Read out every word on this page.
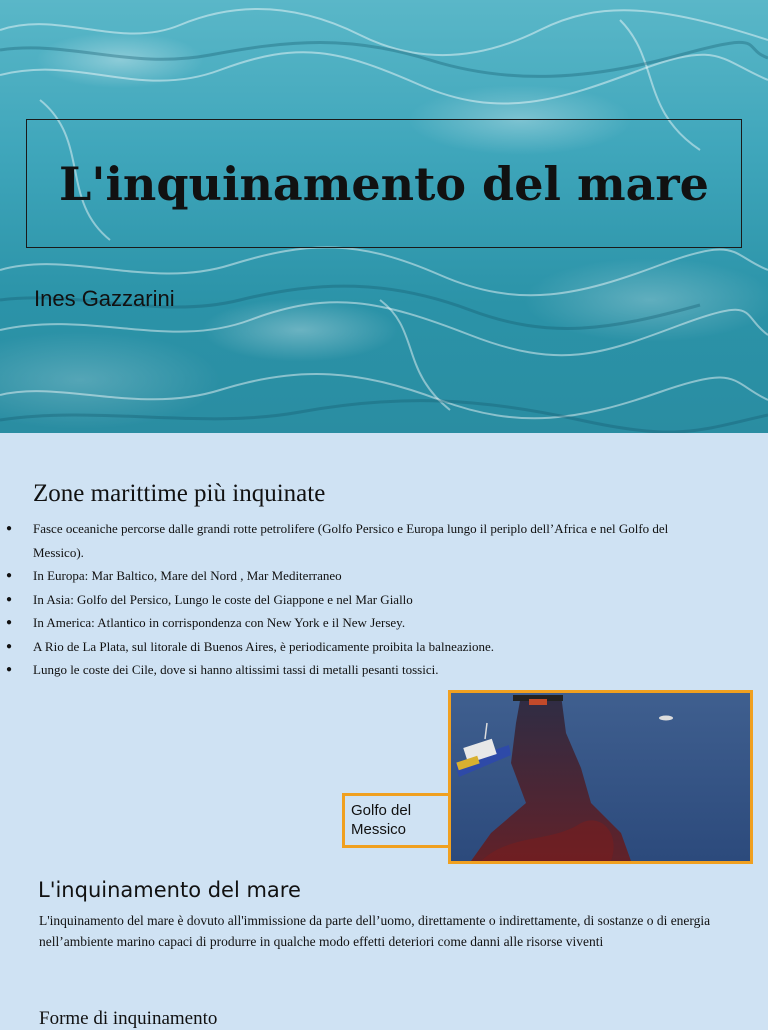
L'inquinamento del mare
Ines Gazzarini
Zone marittime più inquinate
● Fasce oceaniche percorse dalle grandi rotte petrolifere (Golfo Persico e Europa lungo il periplo dell’Africa e nel Golfo del Messico).
● In Europa: Mar Baltico, Mare del Nord , Mar Mediterraneo
● In Asia: Golfo del Persico, Lungo le coste del Giappone e nel Mar Giallo
● In America: Atlantico in corrispondenza con New York e il New Jersey.
● A Rio de La Plata, sul litorale di Buenos Aires, è periodicamente proibita la balneazione.
● Lungo le coste dei Cile, dove si hanno altissimi tassi di metalli pesanti tossici.
Golfo del Messico
L'inquinamento del mare
L'inquinamento del mare è dovuto all'immissione da parte dell’uomo, direttamente o indirettamente, di sostanze o di energia nell’ambiente marino capaci di produrre in qualche modo effetti deteriori come danni alle risorse viventi
Forme di inquinamento
